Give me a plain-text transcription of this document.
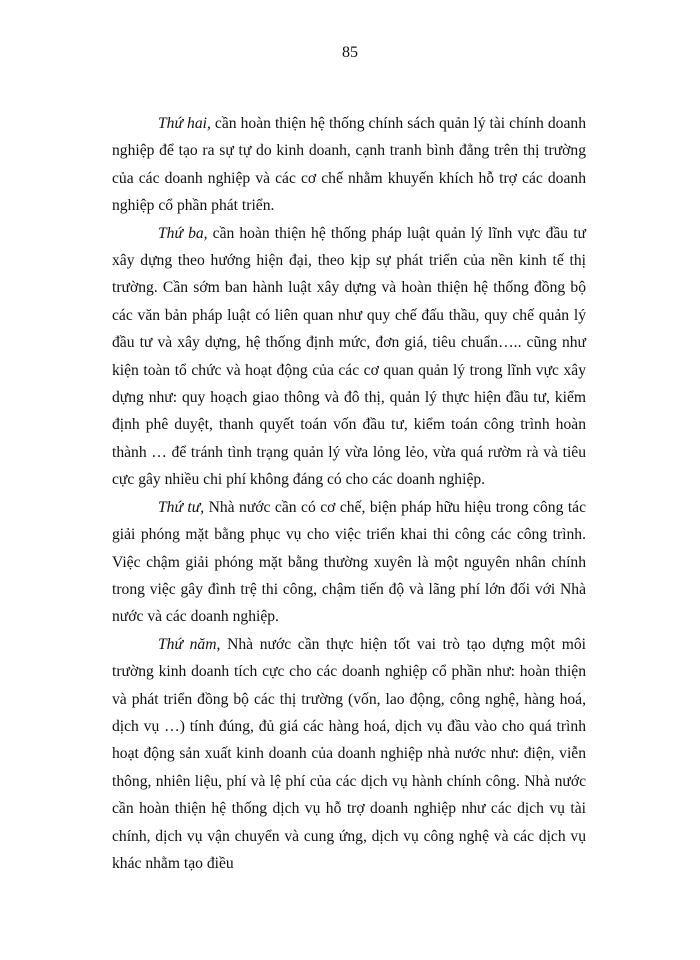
85

Thứ hai, cần hoàn thiện hệ thống chính sách quản lý tài chính doanh nghiệp để tạo ra sự tự do kinh doanh, cạnh tranh bình đẳng trên thị trường của các doanh nghiệp và các cơ chế nhằm khuyến khích hỗ trợ các doanh nghiệp cổ phần phát triển.

Thứ ba, cần hoàn thiện hệ thống pháp luật quản lý lĩnh vực đầu tư xây dựng theo hướng hiện đại, theo kịp sự phát triển của nền kinh tế thị trường. Cần sớm ban hành luật xây dựng và hoàn thiện hệ thống đồng bộ các văn bản pháp luật có liên quan như quy chế đấu thầu, quy chế quản lý đầu tư và xây dựng, hệ thống định mức, đơn giá, tiêu chuẩn….. cũng như kiện toàn tổ chức và hoạt động của các cơ quan quản lý trong lĩnh vực xây dựng như: quy hoạch giao thông và đô thị, quản lý thực hiện đầu tư, kiểm định phê duyệt, thanh quyết toán vốn đầu tư, kiểm toán công trình hoàn thành … để tránh tình trạng quản lý vừa lỏng lẻo, vừa quá rườm rà và tiêu cực gây nhiều chi phí không đáng có cho các doanh nghiệp.

Thứ tư, Nhà nước cần có cơ chế, biện pháp hữu hiệu trong công tác giải phóng mặt bằng phục vụ cho việc triển khai thi công các công trình. Việc chậm giải phóng mặt bằng thường xuyên là một nguyên nhân chính trong việc gây đình trệ thi công, chậm tiến độ và lãng phí lớn đối với Nhà nước và các doanh nghiệp.

Thứ năm, Nhà nước cần thực hiện tốt vai trò tạo dựng một môi trường kinh doanh tích cực cho các doanh nghiệp cổ phần như: hoàn thiện và phát triển đồng bộ các thị trường (vốn, lao động, công nghệ, hàng hoá, dịch vụ …) tính đúng, đủ giá các hàng hoá, dịch vụ đầu vào cho quá trình hoạt động sản xuất kinh doanh của doanh nghiệp nhà nước như: điện, viễn thông, nhiên liệu, phí và lệ phí của các dịch vụ hành chính công. Nhà nước cần hoàn thiện hệ thống dịch vụ hỗ trợ doanh nghiệp như các dịch vụ tài chính, dịch vụ vận chuyển và cung ứng, dịch vụ công nghệ và các dịch vụ khác nhằm tạo điều
